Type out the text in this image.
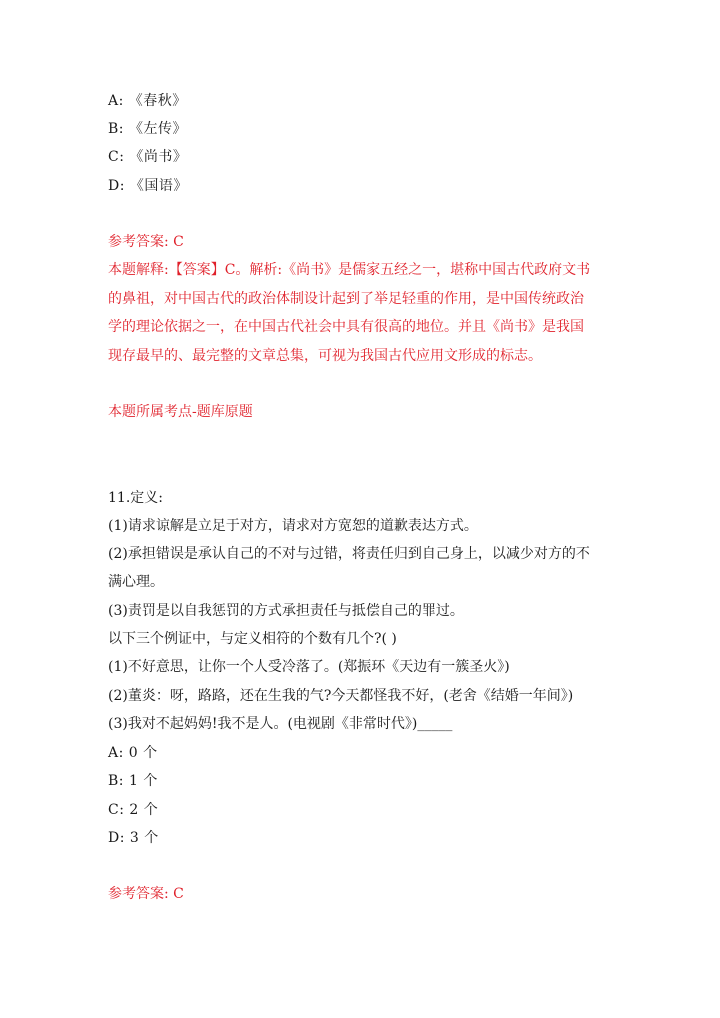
A: 《春秋》
B: 《左传》
C: 《尚书》
D: 《国语》
参考答案: C
本题解释:【答案】C。解析:《尚书》是儒家五经之一，堪称中国古代政府文书
的鼻祖，对中国古代的政治体制设计起到了举足轻重的作用，是中国传统政治
学的理论依据之一，在中国古代社会中具有很高的地位。并且《尚书》是我国
现存最早的、最完整的文章总集，可视为我国古代应用文形成的标志。
本题所属考点-题库原题
11.定义:
(1)请求谅解是立足于对方，请求对方宽恕的道歉表达方式。
(2)承担错误是承认自己的不对与过错，将责任归到自己身上，以减少对方的不
满心理。
(3)责罚是以自我惩罚的方式承担责任与抵偿自己的罪过。
以下三个例证中，与定义相符的个数有几个?( )
(1)不好意思，让你一个人受冷落了。(郑振环《天边有一簇圣火》)
(2)董炎：呀，路路，还在生我的气?今天都怪我不好，(老舍《结婚一年间》)
(3)我对不起妈妈!我不是人。(电视剧《非常时代》)_____
A: 0 个
B: 1 个
C: 2 个
D: 3 个
参考答案: C
